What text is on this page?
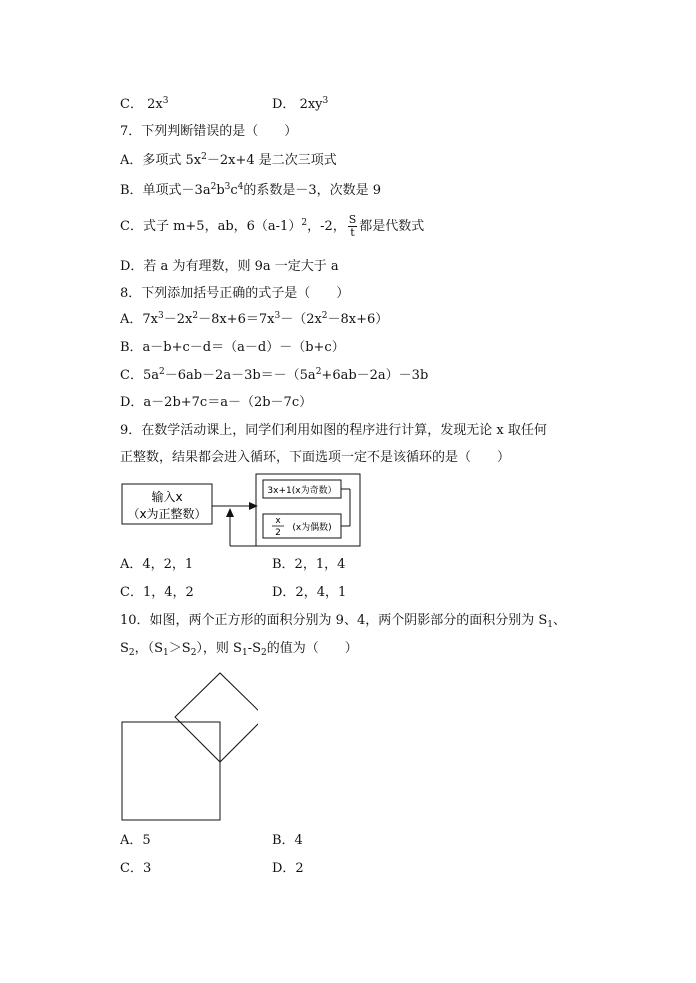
C． $2x^3$	D． $2xy^3$
7．下列判断错误的是（　　）
A．多项式 $5x^2-2x+4$ 是二次三项式
B．单项式$-3a^2b^3c^4$的系数是－3，次数是 9
C．式子 m+5，ab，$6(a-1)^2$，-2， $\frac{S}{t}$ 都是代数式
D．若 a 为有理数，则 9a 一定大于 a
8．下列添加括号正确的式子是（　　）
A．$7x^3-2x^2-8x+6=7x^3-(2x^2-8x+6)$
B．a－b+c－d＝（a－d）－（b+c）
C．$5a^2-6ab-2a-3b=-(5a^2+6ab-2a)-3b$
D．a－2b+7c＝a－（2b－7c）
9．在数学活动课上，同学们利用如图的程序进行计算，发现无论 x 取任何
正整数，结果都会进入循环，下面选项一定不是该循环的是（　　）
输入x
（x为正整数）
3x+1(x为奇数）
x
2 (x为偶数)
A．4，2，1	B．2，1，4
C．1，4，2	D．2，4，1
10．如图，两个正方形的面积分别为 9、4，两个阴影部分的面积分别为 $S_1$、
$S_2$，$(S_1>S_2)$，则 $S_1-S_2$的值为（　　）
A．5	B．4
C．3	D．2
